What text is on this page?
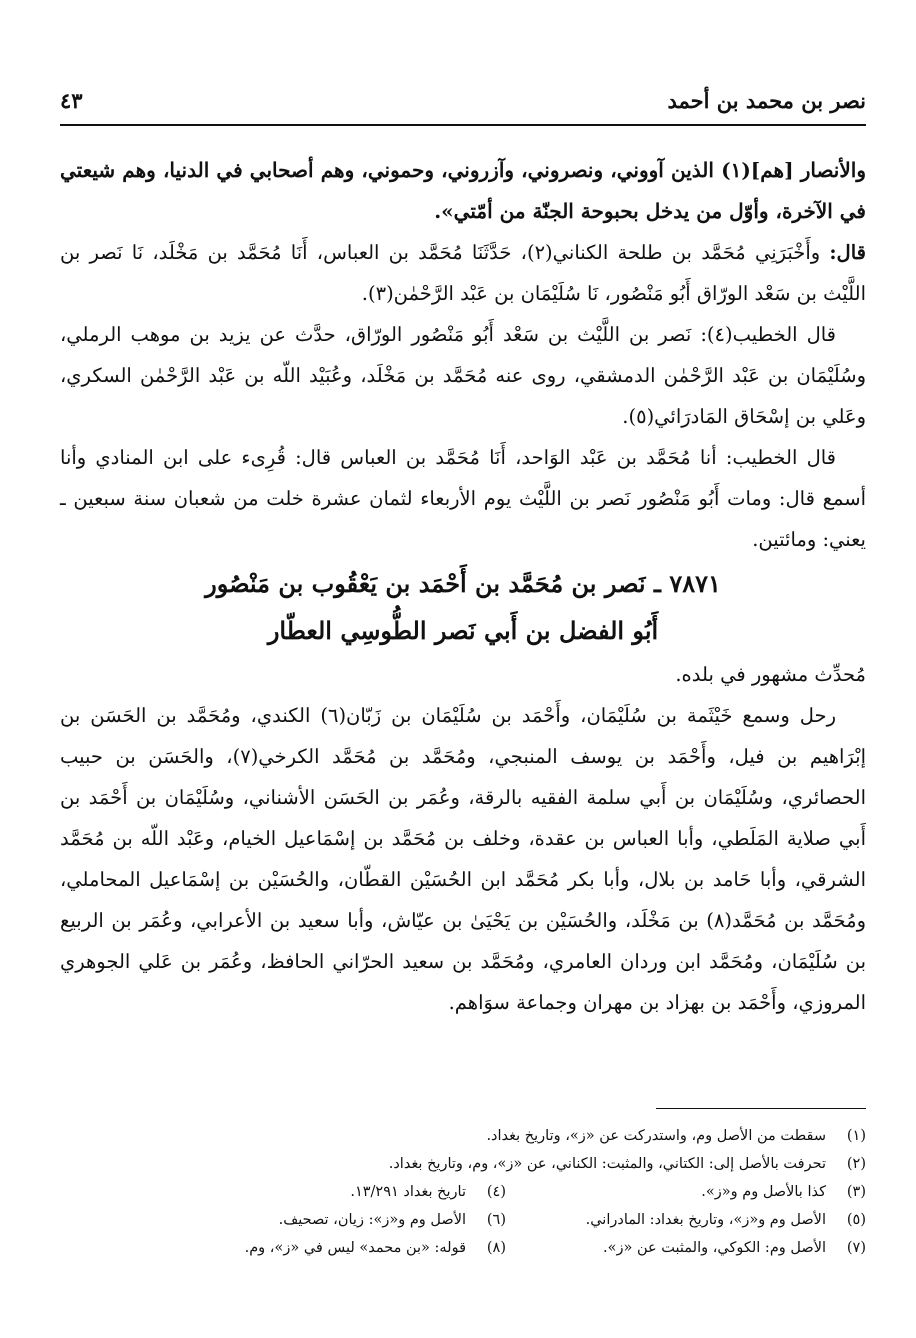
نصر بن محمد بن أحمد
٤٣

والأنصار [هم](١) الذين آووني، ونصروني، وآزروني، وحموني، وهم أصحابي في الدنيا، وهم شيعتي في الآخرة، وأوّل من يدخل بحبوحة الجنّة من أمّتي».

قال: وأَخْبَرَنِي مُحَمَّد بن طلحة الكناني(٢)، حَدَّثَنَا مُحَمَّد بن العباس، أَنَا مُحَمَّد بن مَخْلَد، نَا نَصر بن اللَّيْث بن سَعْد الورّاق أَبُو مَنْصُور، نَا سُلَيْمَان بن عَبْد الرَّحْمٰن(٣).

قال الخطيب(٤): نَصر بن اللَّيْث بن سَعْد أَبُو مَنْصُور الورّاق، حدَّث عن يزيد بن موهب الرملي، وسُلَيْمَان بن عَبْد الرَّحْمٰن الدمشقي، روى عنه مُحَمَّد بن مَخْلَد، وعُبَيْد اللّه بن عَبْد الرَّحْمٰن السكري، وعَلي بن إسْحَاق المَادرَائي(٥).

قال الخطيب: أنا مُحَمَّد بن عَبْد الوَاحد، أَنَا مُحَمَّد بن العباس قال: قُرِىء على ابن المنادي وأنا أسمع قال: ومات أَبُو مَنْصُور نَصر بن اللَّيْث يوم الأربعاء لثمان عشرة خلت من شعبان سنة سبعين ـ يعني: ومائتين.

٧٨٧١ ـ نَصر بن مُحَمَّد بن أَحْمَد بن يَعْقُوب بن مَنْصُور

أَبُو الفضل بن أَبي نَصر الطُّوسِي العطّار

مُحدِّث مشهور في بلده.

رحل وسمع خَيْثَمة بن سُلَيْمَان، وأَحْمَد بن سُلَيْمَان بن زَبّان(٦) الكندي، ومُحَمَّد بن الحَسَن بن إبْرَاهيم بن فيل، وأَحْمَد بن يوسف المنبجي، ومُحَمَّد بن مُحَمَّد الكرخي(٧)، والحَسَن بن حبيب الحصائري، وسُلَيْمَان بن أَبي سلمة الفقيه بالرقة، وعُمَر بن الحَسَن الأشناني، وسُلَيْمَان بن أَحْمَد بن أَبي صلاية المَلَطي، وأبا العباس بن عقدة، وخلف بن مُحَمَّد بن إسْمَاعيل الخيام، وعَبْد اللّه بن مُحَمَّد الشرقي، وأبا حَامد بن بلال، وأبا بكر مُحَمَّد ابن الحُسَيْن القطّان، والحُسَيْن بن إسْمَاعيل المحاملي، ومُحَمَّد بن مُحَمَّد(٨) بن مَخْلَد، والحُسَيْن بن يَحْيَىٰ بن عيّاش، وأبا سعيد بن الأعرابي، وعُمَر بن الربيع بن سُلَيْمَان، ومُحَمَّد ابن وردان العامري، ومُحَمَّد بن سعيد الحرّاني الحافظ، وعُمَر بن عَلي الجوهري المروزي، وأَحْمَد بن بهزاد بن مهران وجماعة سوَاهم.

(١)سقطت من الأصل وم، واستدركت عن «ز»، وتاريخ بغداد.
(٢)تحرفت بالأصل إلى: الكتاني، والمثبت: الكناني، عن «ز»، وم، وتاريخ بغداد.
(٣)كذا بالأصل وم و«ز».
(٤)تاريخ بغداد ١٣/٢٩١.
(٥)الأصل وم و«ز»، وتاريخ بغداد: المادراني.
(٦)الأصل وم و«ز»: زيان، تصحيف.
(٧)الأصل وم: الكوكي، والمثبت عن «ز».
(٨)قوله: «بن محمد» ليس في «ز»، وم.
